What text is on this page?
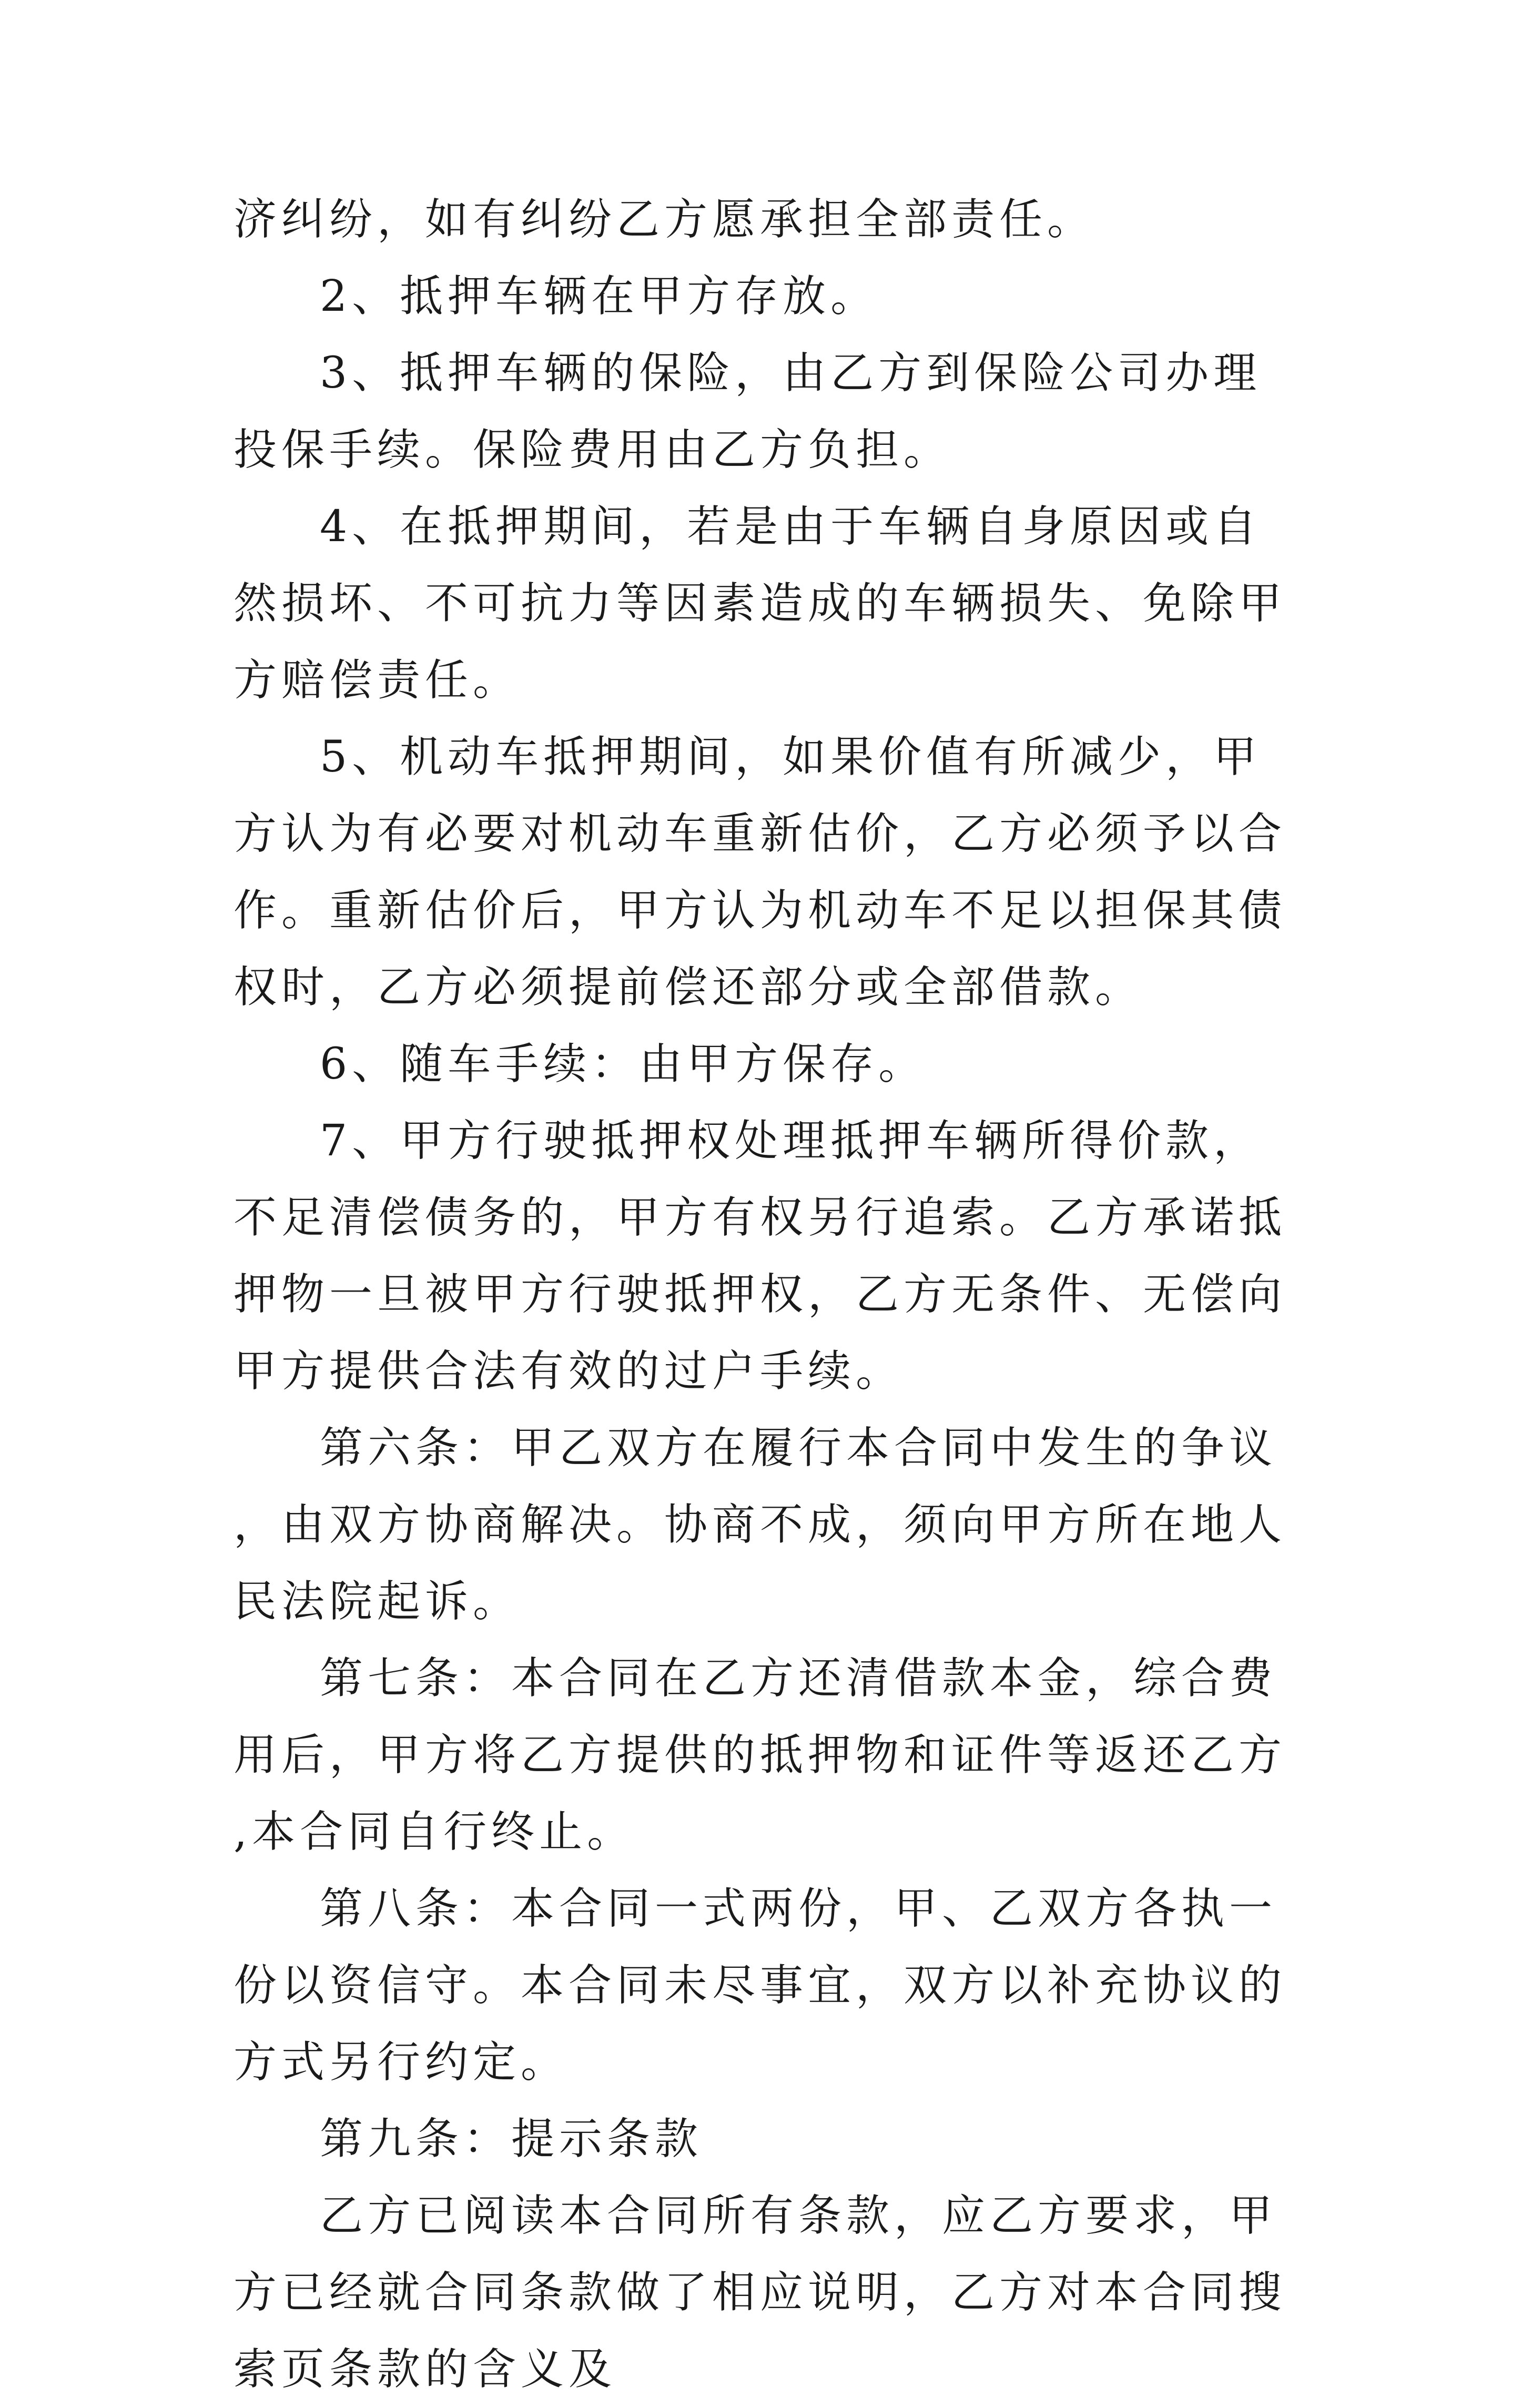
济纠纷，如有纠纷乙方愿承担全部责任。

2、抵押车辆在甲方存放。

3、抵押车辆的保险，由乙方到保险公司办理投保手续。保险费用由乙方负担。

4、在抵押期间，若是由于车辆自身原因或自然损坏、不可抗力等因素造成的车辆损失、免除甲方赔偿责任。

5、机动车抵押期间，如果价值有所减少，甲方认为有必要对机动车重新估价，乙方必须予以合作。重新估价后，甲方认为机动车不足以担保其债权时，乙方必须提前偿还部分或全部借款。

6、随车手续：由甲方保存。

7、甲方行驶抵押权处理抵押车辆所得价款，不足清偿债务的，甲方有权另行追索。乙方承诺抵押物一旦被甲方行驶抵押权，乙方无条件、无偿向甲方提供合法有效的过户手续。

第六条：甲乙双方在履行本合同中发生的争议，由双方协商解决。协商不成，须向甲方所在地人民法院起诉。

第七条：本合同在乙方还清借款本金，综合费用后，甲方将乙方提供的抵押物和证件等返还乙方,本合同自行终止。

第八条：本合同一式两份，甲、乙双方各执一份以资信守。本合同未尽事宜，双方以补充协议的方式另行约定。

第九条：提示条款

乙方已阅读本合同所有条款，应乙方要求，甲方已经就合同条款做了相应说明，乙方对本合同搜索页条款的含义及
